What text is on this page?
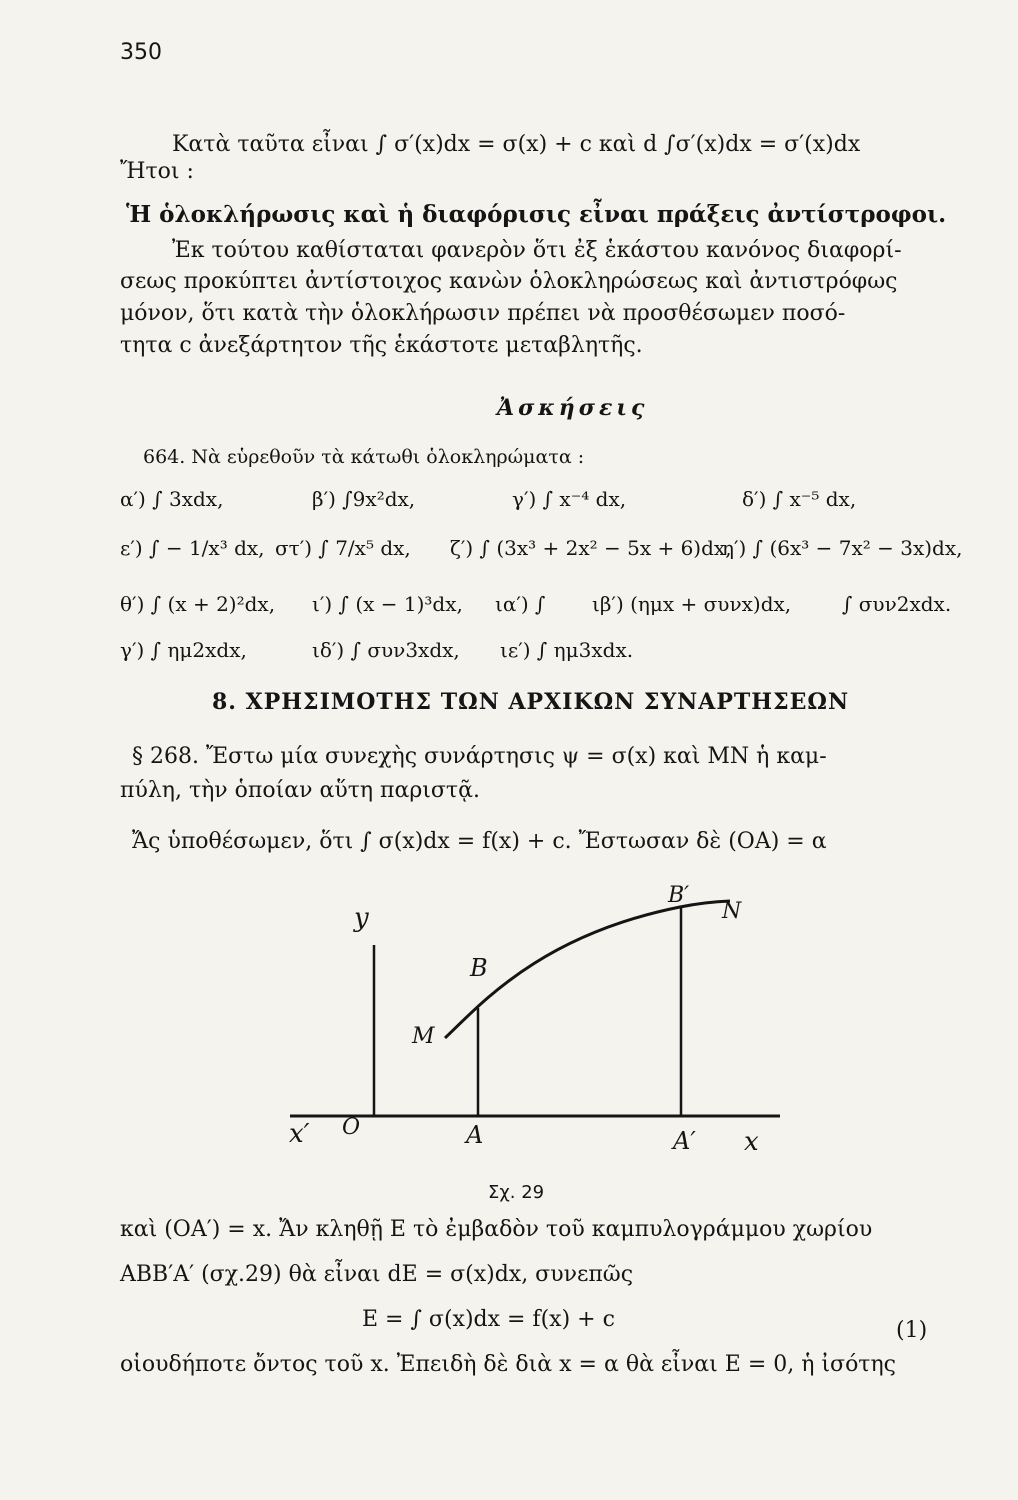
350
Κατὰ ταῦτα εἶναι ∫ σ′(x)dx = σ(x) + c καὶ d ∫σ′(x)dx = σ′(x)dx
Ἤτοι :
Ἡ ὁλοκλήρωσις καὶ ἡ διαφόρισις εἶναι πράξεις ἀντίστροφοι.
Ἐκ τούτου καθίσταται φανερὸν ὅτι ἐξ ἑκάστου κανόνος διαφορί-
σεως προκύπτει ἀντίστοιχος κανὼν ὁλοκληρώσεως καὶ ἀντιστρόφως
μόνον, ὅτι κατὰ τὴν ὁλοκλήρωσιν πρέπει νὰ προσθέσωμεν ποσό-
τητα c ἀνεξάρτητον τῆς ἑκάστοτε μεταβλητῆς.
Ἀσκήσεις
664. Νὰ εὑρεθοῦν τὰ κάτωθι ὁλοκληρώματα :
α′) ∫ 3xdx,	β′) ∫9x²dx,	γ′) ∫ x⁻⁴ dx,	δ′) ∫ x⁻⁵ dx,
ε′) ∫ − 1/x³ dx, στ′) ∫ 7/x⁵ dx, ζ′) ∫ (3x³ + 2x² − 5x + 6)dx,
η′) ∫ (6x³ − 7x² − 3x)dx,
θ′) ∫ (x + 2)²dx, ι′) ∫ (x − 1)³dx, ια′) ∫ ιβ′) (ημx + συνx)dx,	∫ συν2xdx.
γ′) ∫ ημ2xdx,	ιδ′) ∫ συν3xdx, ιε′) ∫ ημ3xdx.
8. ΧΡΗΣΙΜΟΤΗΣ ΤΩΝ ΑΡΧΙΚΩΝ ΣΥΝΑΡΤΗΣΕΩΝ
§ 268. Ἔστω μία συνεχὴς συνάρτησις ψ = σ(x) καὶ ΜΝ ἡ καμ-
πύλη, τὴν ὁποίαν αὕτη παριστᾷ.
Ἄς ὑποθέσωμεν, ὅτι ∫ σ(x)dx = f(x) + c. Ἔστωσαν δὲ (ΟΑ) = α
y
B′
N
B
M
x′ O	A	A′ x
Σχ. 29
καὶ (ΟΑ′) = x. Ἄν κληθῇ Ε τὸ ἐμβαδὸν τοῦ καμπυλογράμμου χωρίου
ΑΒΒ′Α′ (σχ.29) θὰ εἶναι dE = σ(x)dx, συνεπῶς
E = ∫ σ(x)dx = f(x) + c	(1)
οἱουδήποτε ὄντος τοῦ x. Ἐπειδὴ δὲ διὰ x = α θὰ εἶναι Ε = 0, ἡ ἰσότης
